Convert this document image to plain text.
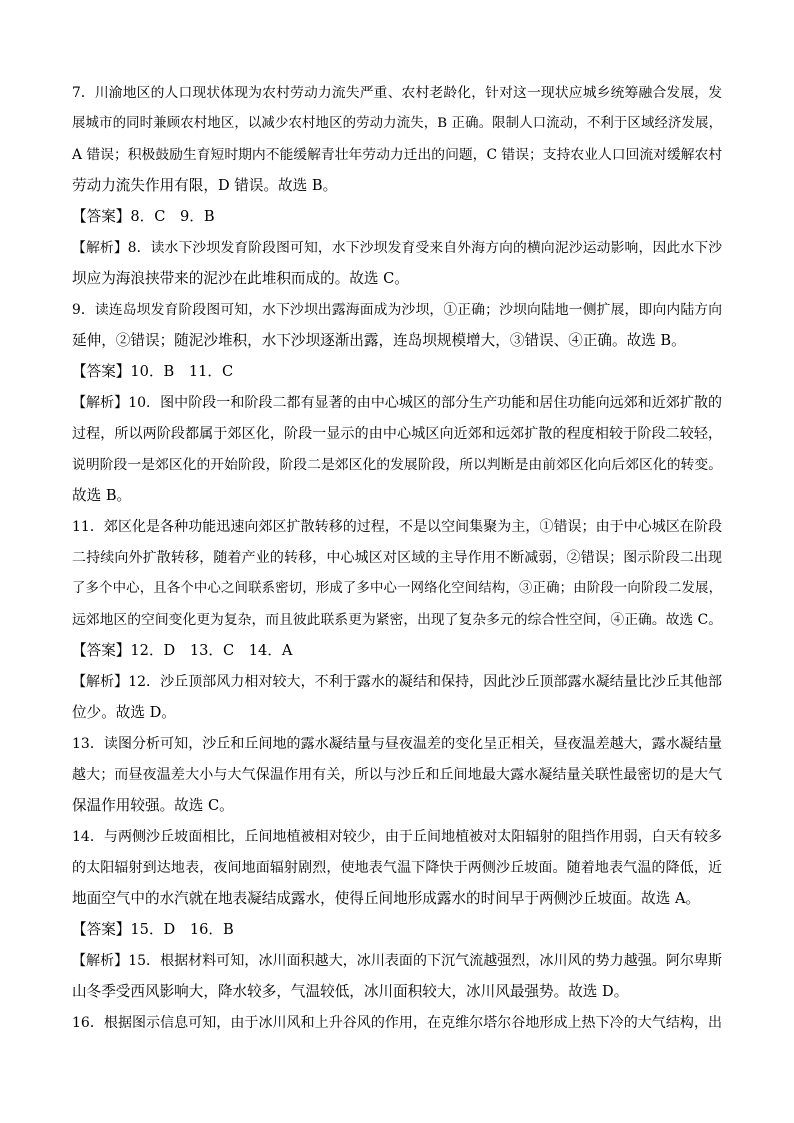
7．川渝地区的人口现状体现为农村劳动力流失严重、农村老龄化，针对这一现状应城乡统筹融合发展，发
展城市的同时兼顾农村地区，以减少农村地区的劳动力流失，B 正确。限制人口流动，不利于区域经济发展，
A 错误；积极鼓励生育短时期内不能缓解青壮年劳动力迁出的问题，C 错误；支持农业人口回流对缓解农村
劳动力流失作用有限，D 错误。故选 B。
【答案】8．C　9．B
【解析】8．读水下沙坝发育阶段图可知，水下沙坝发育受来自外海方向的横向泥沙运动影响，因此水下沙
坝应为海浪挟带来的泥沙在此堆积而成的。故选 C。
9．读连岛坝发育阶段图可知，水下沙坝出露海面成为沙坝，①正确；沙坝向陆地一侧扩展，即向内陆方向
延伸，②错误；随泥沙堆积，水下沙坝逐渐出露，连岛坝规模增大，③错误、④正确。故选 B。
【答案】10．B　11．C
【解析】10．图中阶段一和阶段二都有显著的由中心城区的部分生产功能和居住功能向远郊和近郊扩散的
过程，所以两阶段都属于郊区化，阶段一显示的由中心城区向近郊和远郊扩散的程度相较于阶段二较轻，
说明阶段一是郊区化的开始阶段，阶段二是郊区化的发展阶段，所以判断是由前郊区化向后郊区化的转变。
故选 B。
11．郊区化是各种功能迅速向郊区扩散转移的过程，不是以空间集聚为主，①错误；由于中心城区在阶段
二持续向外扩散转移，随着产业的转移，中心城区对区域的主导作用不断减弱，②错误；图示阶段二出现
了多个中心，且各个中心之间联系密切，形成了多中心一网络化空间结构，③正确；由阶段一向阶段二发展，
远郊地区的空间变化更为复杂，而且彼此联系更为紧密，出现了复杂多元的综合性空间，④正确。故选 C。
【答案】12．D　13．C　14．A
【解析】12．沙丘顶部风力相对较大，不利于露水的凝结和保持，因此沙丘顶部露水凝结量比沙丘其他部
位少。故选 D。
13．读图分析可知，沙丘和丘间地的露水凝结量与昼夜温差的变化呈正相关，昼夜温差越大，露水凝结量
越大；而昼夜温差大小与大气保温作用有关，所以与沙丘和丘间地最大露水凝结量关联性最密切的是大气
保温作用较强。故选 C。
14．与两侧沙丘坡面相比，丘间地植被相对较少，由于丘间地植被对太阳辐射的阻挡作用弱，白天有较多
的太阳辐射到达地表，夜间地面辐射剧烈，使地表气温下降快于两侧沙丘坡面。随着地表气温的降低，近
地面空气中的水汽就在地表凝结成露水，使得丘间地形成露水的时间早于两侧沙丘坡面。故选 A。
【答案】15．D　16．B
【解析】15．根据材料可知，冰川面积越大，冰川表面的下沉气流越强烈，冰川风的势力越强。阿尔卑斯
山冬季受西风影响大，降水较多，气温较低，冰川面积较大，冰川风最强势。故选 D。
16．根据图示信息可知，由于冰川风和上升谷风的作用，在克维尔塔尔谷地形成上热下冷的大气结构，出
